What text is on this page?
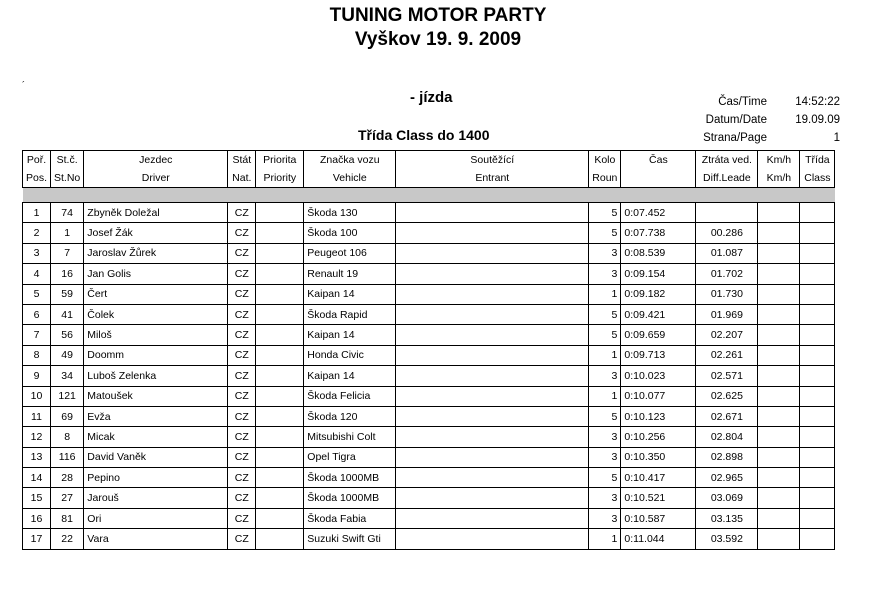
TUNING MOTOR PARTY
Vyškov 19. 9. 2009
´
- jízda
Třída Class do 1400
Čas/Time	14:52:22
Datum/Date	19.09.09
Strana/Page	1
Poř.	St.č.	Jezdec	Stát	Priorita	Značka vozu	Soutěžící	Kolo	Čas	Ztráta ved.	Km/h	Třída
Pos.	St.No	Driver	Nat.	Priority	Vehicle	Entrant	Roun		Diff.Leade	Km/h	Class

1	74	Zbyněk Doležal	CZ		Škoda 130		5	0:07.452			
2	1	Josef Žák	CZ		Škoda 100		5	0:07.738	00.286		
3	7	Jaroslav Žůrek	CZ		Peugeot 106		3	0:08.539	01.087		
4	16	Jan Golis	CZ		Renault 19		3	0:09.154	01.702		
5	59	Čert	CZ		Kaipan 14		1	0:09.182	01.730		
6	41	Čolek	CZ		Škoda Rapid		5	0:09.421	01.969		
7	56	Miloš	CZ		Kaipan 14		5	0:09.659	02.207		
8	49	Doomm	CZ		Honda Civic		1	0:09.713	02.261		
9	34	Luboš Zelenka	CZ		Kaipan 14		3	0:10.023	02.571		
10	121	Matoušek	CZ		Škoda Felicia		1	0:10.077	02.625		
11	69	Evža	CZ		Škoda 120		5	0:10.123	02.671		
12	8	Micak	CZ		Mitsubishi Colt		3	0:10.256	02.804		
13	116	David Vaněk	CZ		Opel Tigra		3	0:10.350	02.898		
14	28	Pepino	CZ		Škoda 1000MB		5	0:10.417	02.965		
15	27	Jarouš	CZ		Škoda 1000MB		3	0:10.521	03.069		
16	81	Ori	CZ		Škoda Fabia		3	0:10.587	03.135		
17	22	Vara	CZ		Suzuki Swift Gti		1	0:11.044	03.592		
